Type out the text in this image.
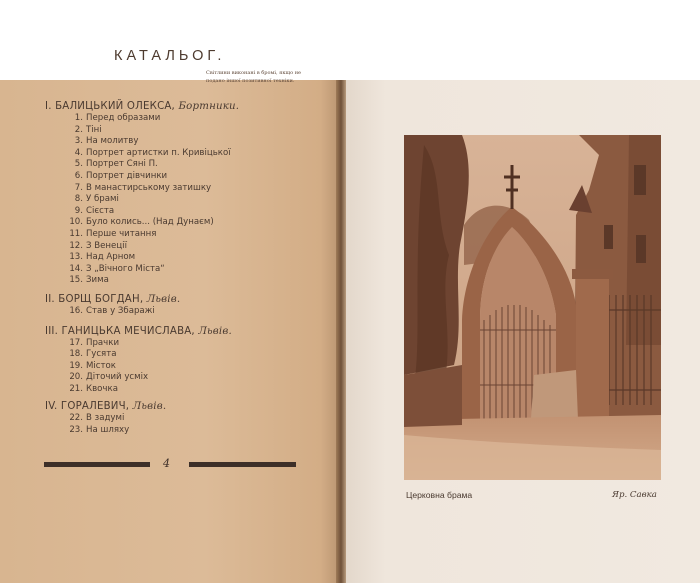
КАТАЛЬОГ.
Світлини виконані в бромі, якщо не подано іншої позитивної техніки.
I. БАЛИЦЬКИЙ ОЛЕКСА, Бортники.
1. Перед образами
2. Тіні
3. На молитву
4. Портрет артистки п. Кривіцької
5. Портрет Сяні П.
6. Портрет дівчинки
7. В манастирському затишку
8. У брамі
9. Сієста
10. Було колись... (Над Дунаєм)
11. Перше читання
12. З Венеції
13. Над Арном
14. З „Вічного Міста“
15. Зима
II. БОРЩ БОГДАН, Львів.
16. Став у Збаражі
III. ГАНИЦЬКА МЕЧИСЛАВА, Львів.
17. Прачки
18. Гусята
19. Місток
20. Діточий усміх
21. Квочка
IV. ГОРАЛЕВИЧ, Львів.
22. В задумі
23. На шляху
4
Церковна брама	Яр. Савка
